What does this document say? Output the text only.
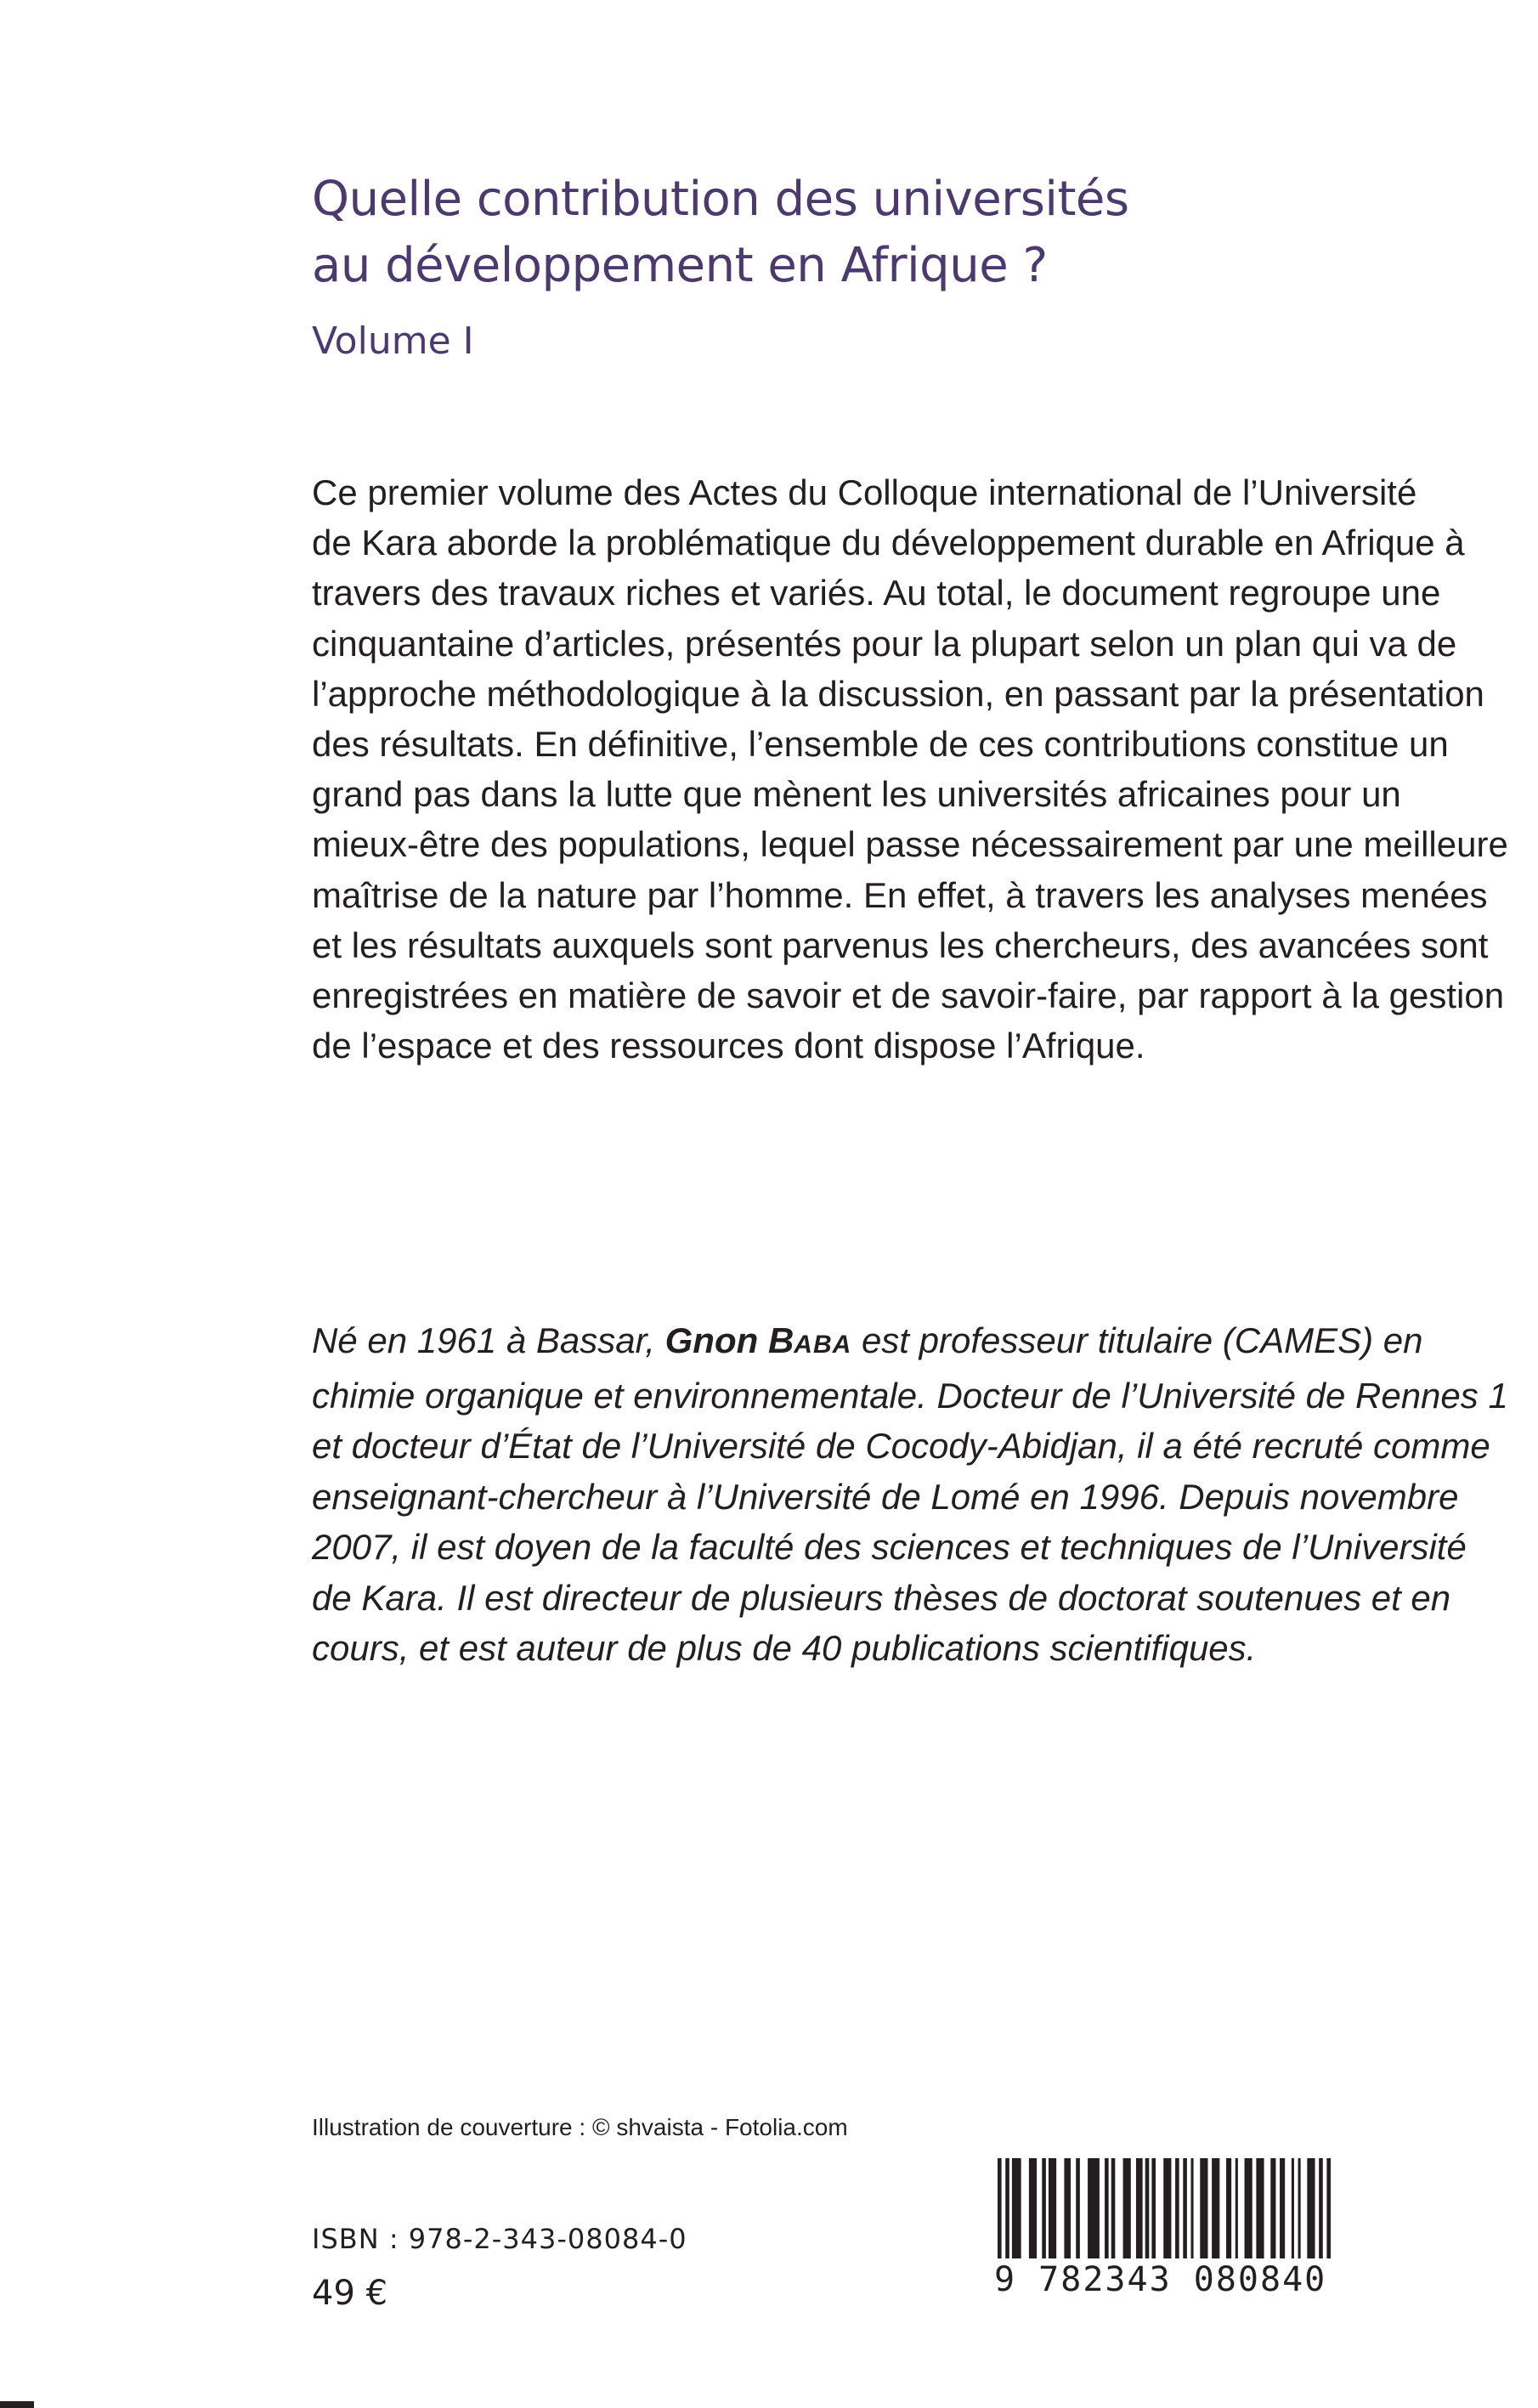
Quelle contribution des universités
au développement en Afrique ?
Volume I
Ce premier volume des Actes du Colloque international de l’Université
de Kara aborde la problématique du développement durable en Afrique à
travers des travaux riches et variés. Au total, le document regroupe une
cinquantaine d’articles, présentés pour la plupart selon un plan qui va de
l’approche méthodologique à la discussion, en passant par la présentation
des résultats. En définitive, l’ensemble de ces contributions constitue un
grand pas dans la lutte que mènent les universités africaines pour un
mieux-être des populations, lequel passe nécessairement par une meilleure
maîtrise de la nature par l’homme. En effet, à travers les analyses menées
et les résultats auxquels sont parvenus les chercheurs, des avancées sont
enregistrées en matière de savoir et de savoir-faire, par rapport à la gestion
de l’espace et des ressources dont dispose l’Afrique.
Né en 1961 à Bassar, Gnon BABA est professeur titulaire (CAMES) en
chimie organique et environnementale. Docteur de l’Université de Rennes 1
et docteur d’État de l’Université de Cocody-Abidjan, il a été recruté comme
enseignant-chercheur à l’Université de Lomé en 1996. Depuis novembre
2007, il est doyen de la faculté des sciences et techniques de l’Université
de Kara. Il est directeur de plusieurs thèses de doctorat soutenues et en
cours, et est auteur de plus de 40 publications scientifiques.
Illustration de couverture : © shvaista - Fotolia.com
ISBN : 978-2-343-08084-0
49 €	9 782343 080840
